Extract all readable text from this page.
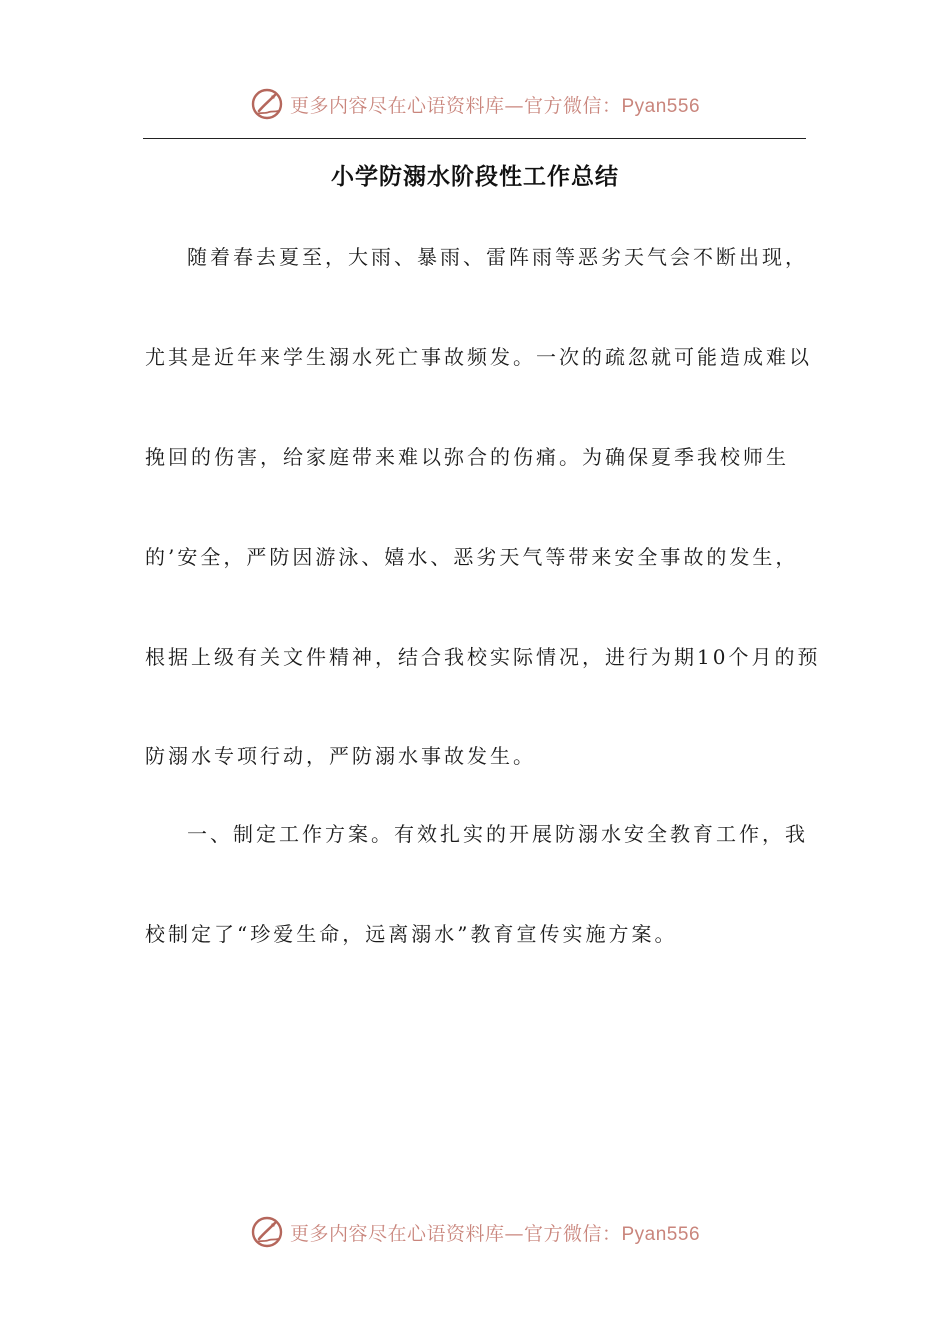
更多内容尽在心语资料库—官方微信：Pyan556
小学防溺水阶段性工作总结
随着春去夏至，大雨、暴雨、雷阵雨等恶劣天气会不断出现，
尤其是近年来学生溺水死亡事故频发。一次的疏忽就可能造成难以
挽回的伤害，给家庭带来难以弥合的伤痛。为确保夏季我校师生
的’安全，严防因游泳、嬉水、恶劣天气等带来安全事故的发生，
根据上级有关文件精神，结合我校实际情况，进行为期10个月的预
防溺水专项行动，严防溺水事故发生。
一、制定工作方案。有效扎实的开展防溺水安全教育工作，我
校制定了“珍爱生命，远离溺水”教育宣传实施方案。
更多内容尽在心语资料库—官方微信：Pyan556
